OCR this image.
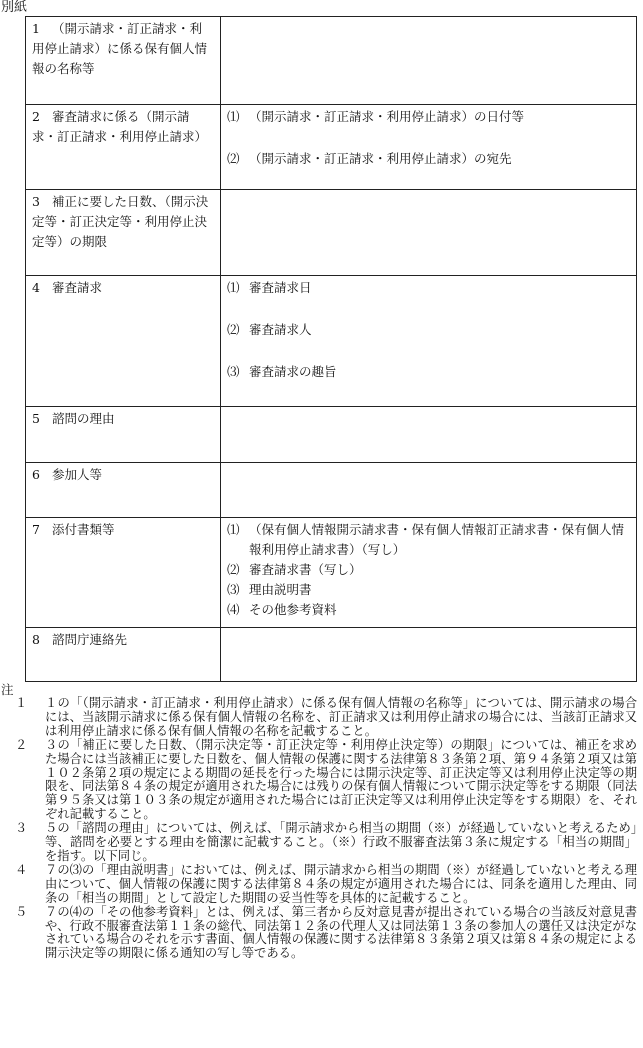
別紙
1 （開示請求・訂正請求・利用停止請求）に係る保有個人情報の名称等	
2 審査請求に係る（開示請求・訂正請求・利用停止請求）	⑴ （開示請求・訂正請求・利用停止請求）の日付等
⑵ （開示請求・訂正請求・利用停止請求）の宛先

3 補正に要した日数、（開示決定等・訂正決定等・利用停止決定等）の期限	
4 審査請求	⑴ 審査請求日
⑵ 審査請求人
⑶ 審査請求の趣旨

5 諮問の理由	
6 参加人等	
7 添付書類等	⑴ （保有個人情報開示請求書・保有個人情報訂正請求書・保有個人情報利用停止請求書）（写し）
⑵ 審査請求書（写し）
⑶ 理由説明書
⑷ その他参考資料

8 諮問庁連絡先	
注

１	１の「（開示請求・訂正請求・利用停止請求）に係る保有個人情報の名称等」については、開示請求の場合には、当該開示請求に係る保有個人情報の名称を、訂正請求又は利用停止請求の場合には、当該訂正請求又は利用停止請求に係る保有個人情報の名称を記載すること。

２	３の「補正に要した日数、（開示決定等・訂正決定等・利用停止決定等）の期限」については、補正を求めた場合には当該補正に要した日数を、個人情報の保護に関する法律第８３条第２項、第９４条第２項又は第１０２条第２項の規定による期間の延長を行った場合には開示決定等、訂正決定等又は利用停止決定等の期限を、同法第８４条の規定が適用された場合には残りの保有個人情報について開示決定等をする期限（同法第９５条又は第１０３条の規定が適用された場合には訂正決定等又は利用停止決定等をする期限）を、それぞれ記載すること。

３	５の「諮問の理由」については、例えば、「開示請求から相当の期間（※）が経過していないと考えるため」等、諮問を必要とする理由を簡潔に記載すること。（※）行政不服審査法第３条に規定する「相当の期間」を指す。以下同じ。

４	７の⑶の「理由説明書」においては、例えば、開示請求から相当の期間（※）が経過していないと考える理由について、個人情報の保護に関する法律第８４条の規定が適用された場合には、同条を適用した理由、同条の「相当の期間」として設定した期間の妥当性等を具体的に記載すること。

５	７の⑷の「その他参考資料」とは、例えば、第三者から反対意見書が提出されている場合の当該反対意見書や、行政不服審査法第１１条の総代、同法第１２条の代理人又は同法第１３条の参加人の選任又は決定がなされている場合のそれを示す書面、個人情報の保護に関する法律第８３条第２項又は第８４条の規定による開示決定等の期限に係る通知の写し等である。
